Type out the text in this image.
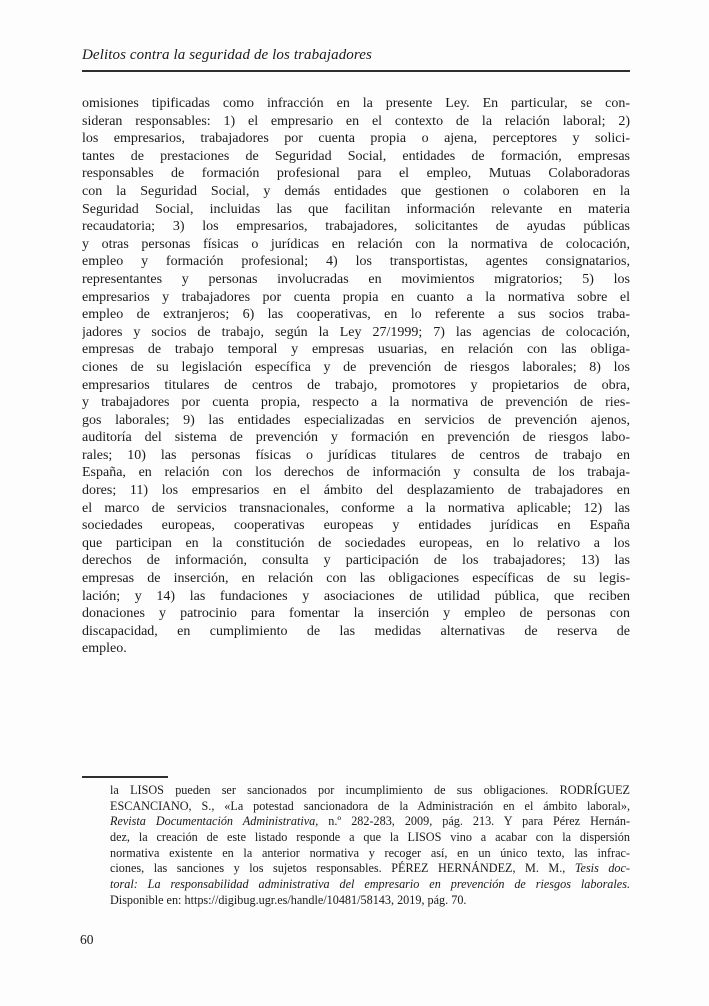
Delitos contra la seguridad de los trabajadores
omisiones tipificadas como infracción en la presente Ley. En particular, se con-
sideran responsables: 1) el empresario en el contexto de la relación laboral; 2)
los empresarios, trabajadores por cuenta propia o ajena, perceptores y solici-
tantes de prestaciones de Seguridad Social, entidades de formación, empresas
responsables de formación profesional para el empleo, Mutuas Colaboradoras
con la Seguridad Social, y demás entidades que gestionen o colaboren en la
Seguridad Social, incluidas las que facilitan información relevante en materia
recaudatoria; 3) los empresarios, trabajadores, solicitantes de ayudas públicas
y otras personas físicas o jurídicas en relación con la normativa de colocación,
empleo y formación profesional; 4) los transportistas, agentes consignatarios,
representantes y personas involucradas en movimientos migratorios; 5) los
empresarios y trabajadores por cuenta propia en cuanto a la normativa sobre el
empleo de extranjeros; 6) las cooperativas, en lo referente a sus socios traba-
jadores y socios de trabajo, según la Ley 27/1999; 7) las agencias de colocación,
empresas de trabajo temporal y empresas usuarias, en relación con las obliga-
ciones de su legislación específica y de prevención de riesgos laborales; 8) los
empresarios titulares de centros de trabajo, promotores y propietarios de obra,
y trabajadores por cuenta propia, respecto a la normativa de prevención de ries-
gos laborales; 9) las entidades especializadas en servicios de prevención ajenos,
auditoría del sistema de prevención y formación en prevención de riesgos labo-
rales; 10) las personas físicas o jurídicas titulares de centros de trabajo en
España, en relación con los derechos de información y consulta de los trabaja-
dores; 11) los empresarios en el ámbito del desplazamiento de trabajadores en
el marco de servicios transnacionales, conforme a la normativa aplicable; 12) las
sociedades europeas, cooperativas europeas y entidades jurídicas en España
que participan en la constitución de sociedades europeas, en lo relativo a los
derechos de información, consulta y participación de los trabajadores; 13) las
empresas de inserción, en relación con las obligaciones específicas de su legis-
lación; y 14) las fundaciones y asociaciones de utilidad pública, que reciben
donaciones y patrocinio para fomentar la inserción y empleo de personas con
discapacidad, en cumplimiento de las medidas alternativas de reserva de
empleo.
la LISOS pueden ser sancionados por incumplimiento de sus obligaciones. RODRÍGUEZ
ESCANCIANO, S., «La potestad sancionadora de la Administración en el ámbito laboral»,
Revista Documentación Administrativa, n.º 282-283, 2009, pág. 213. Y para Pérez Hernán-
dez, la creación de este listado responde a que la LISOS vino a acabar con la dispersión
normativa existente en la anterior normativa y recoger así, en un único texto, las infrac-
ciones, las sanciones y los sujetos responsables. PÉREZ HERNÁNDEZ, M. M., Tesis doc-
toral: La responsabilidad administrativa del empresario en prevención de riesgos laborales.
Disponible en: https://digibug.ugr.es/handle/10481/58143, 2019, pág. 70.
60
